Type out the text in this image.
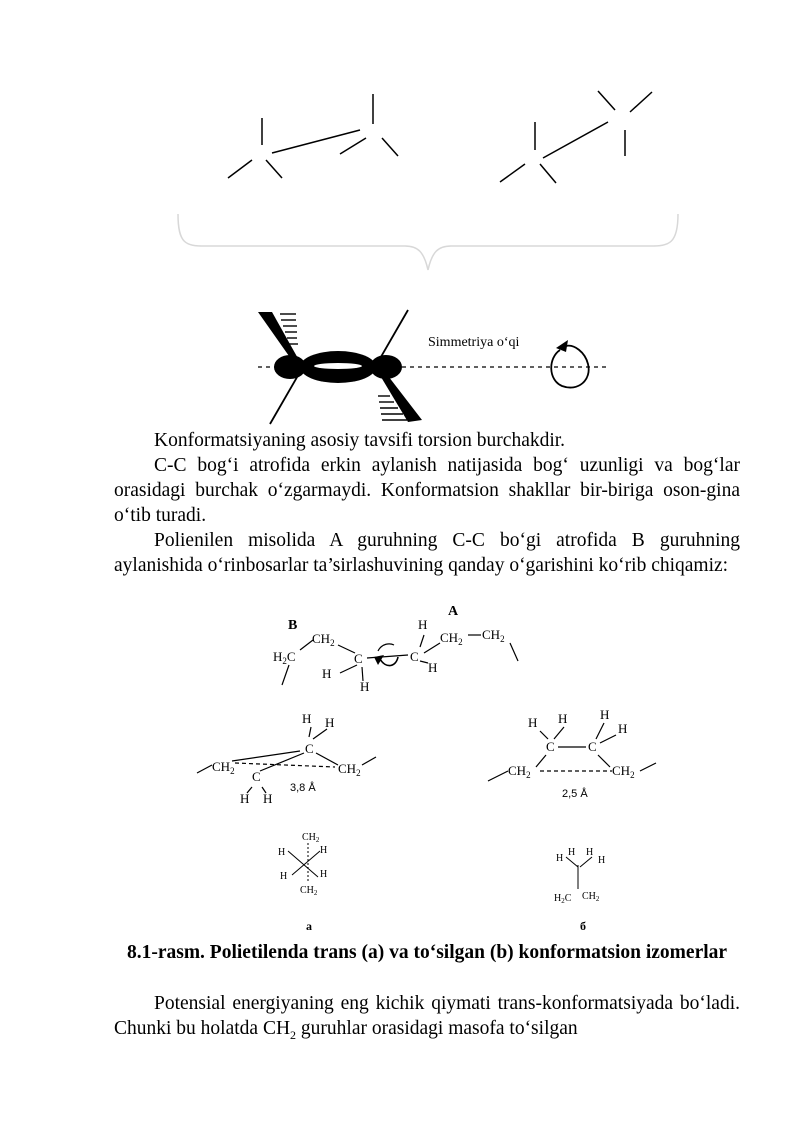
Simmetriya o‘qi

Konformatsiyaning asosiy tavsifi torsion burchakdir.

C-C bog‘i atrofida erkin aylanish natijasida bog‘ uzunligi va bog‘lar orasidagi burchak o‘zgarmaydi. Konformatsion shakllar bir-biriga oson-gina o‘tib turadi.

Polienilen misolida A guruhning C-C bo‘gi atrofida B guruhning aylanishida o‘rinbosarlar ta’sirlashuvining qanday o‘garishini ko‘rib chiqamiz:

B
A
$CH_2$
$H_2C$	C
H
H
H
C
H
$CH_2$ $CH_2$
H H
C
$CH_2$ C
H H
$CH_2$
3,8 Å
H H	H
H
C	C
$CH_2$	$CH_2$
2,5 Å
$CH_2$
H	H
H	H
$CH_2$
H
H H
H
$H_2C$ $CH_2$
а	б

8.1-rasm. Polietilenda trans (a) va to‘silgan (b) konformatsion izomerlar

Potensial energiyaning eng kichik qiymati trans-konformatsiyada bo‘ladi. Chunki bu holatda $CH_2$ guruhlar orasidagi masofa to‘silgan
